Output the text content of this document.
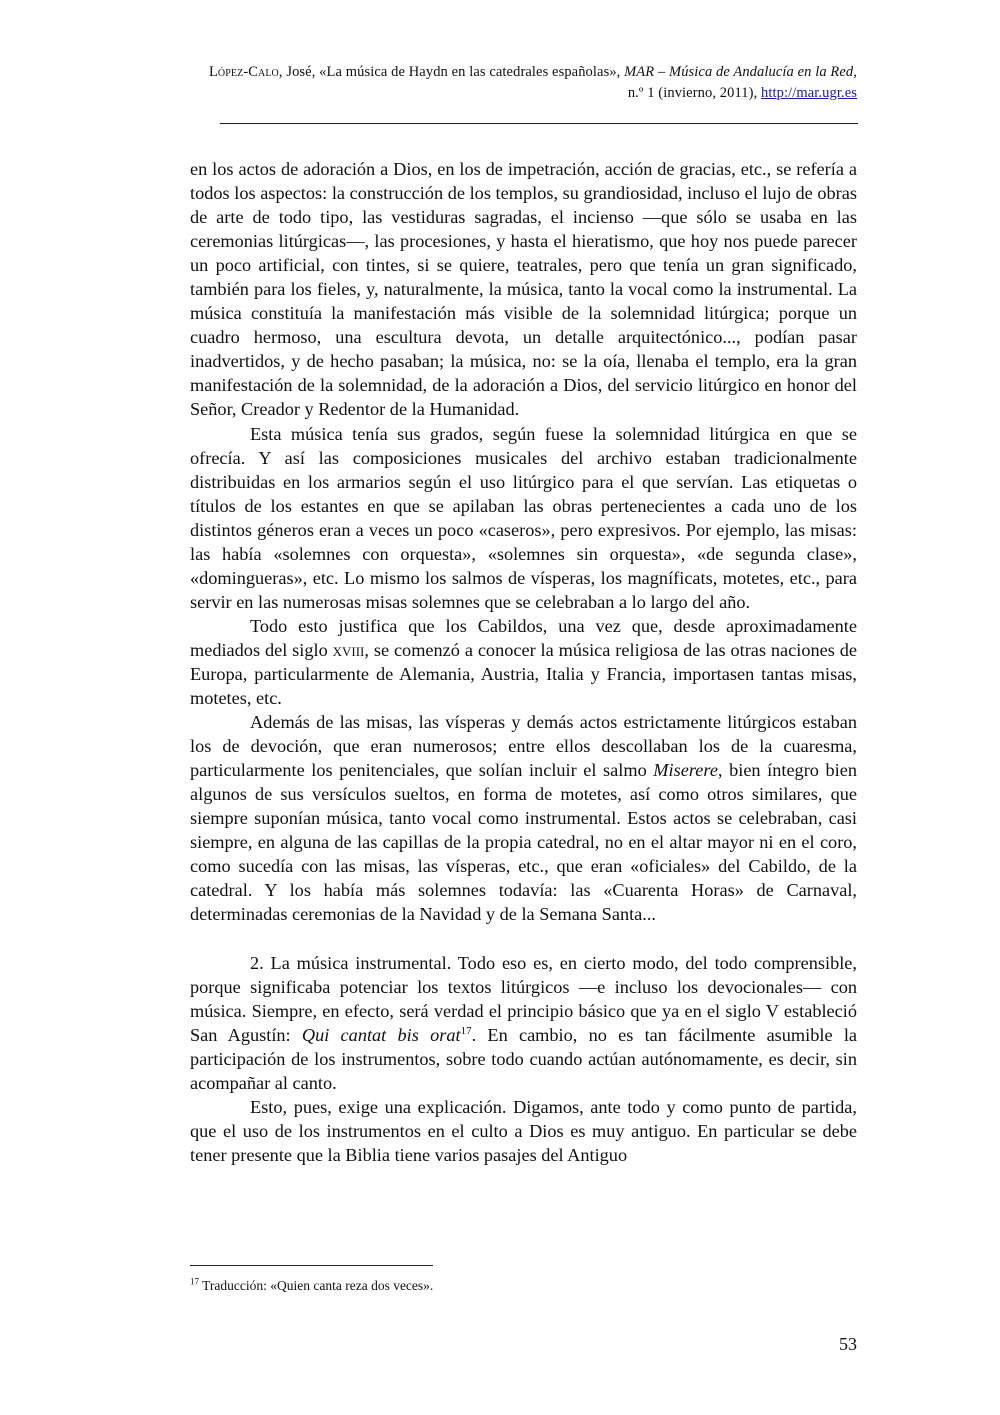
López-Calo, José, «La música de Haydn en las catedrales españolas», MAR – Música de Andalucía en la Red, n.º 1 (invierno, 2011), http://mar.ugr.es

en los actos de adoración a Dios, en los de impetración, acción de gracias, etc., se refería a todos los aspectos: la construcción de los templos, su grandiosidad, incluso el lujo de obras de arte de todo tipo, las vestiduras sagradas, el incienso —que sólo se usaba en las ceremonias litúrgicas—, las procesiones, y hasta el hieratismo, que hoy nos puede parecer un poco artificial, con tintes, si se quiere, teatrales, pero que tenía un gran significado, también para los fieles, y, naturalmente, la música, tanto la vocal como la instrumental. La música constituía la manifestación más visible de la solemnidad litúrgica; porque un cuadro hermoso, una escultura devota, un detalle arquitectónico..., podían pasar inadvertidos, y de hecho pasaban; la música, no: se la oía, llenaba el templo, era la gran manifestación de la solemnidad, de la adoración a Dios, del servicio litúrgico en honor del Señor, Creador y Redentor de la Humanidad.

Esta música tenía sus grados, según fuese la solemnidad litúrgica en que se ofrecía. Y así las composiciones musicales del archivo estaban tradicionalmente distribuidas en los armarios según el uso litúrgico para el que servían. Las etiquetas o títulos de los estantes en que se apilaban las obras pertenecientes a cada uno de los distintos géneros eran a veces un poco «caseros», pero expresivos. Por ejemplo, las misas: las había «solemnes con orquesta», «solemnes sin orquesta», «de segunda clase», «domingueras», etc. Lo mismo los salmos de vísperas, los magníficats, motetes, etc., para servir en las numerosas misas solemnes que se celebraban a lo largo del año.

Todo esto justifica que los Cabildos, una vez que, desde aproximadamente mediados del siglo xviii, se comenzó a conocer la música religiosa de las otras naciones de Europa, particularmente de Alemania, Austria, Italia y Francia, importasen tantas misas, motetes, etc.

Además de las misas, las vísperas y demás actos estrictamente litúrgicos estaban los de devoción, que eran numerosos; entre ellos descollaban los de la cuaresma, particularmente los penitenciales, que solían incluir el salmo Miserere, bien íntegro bien algunos de sus versículos sueltos, en forma de motetes, así como otros similares, que siempre suponían música, tanto vocal como instrumental. Estos actos se celebraban, casi siempre, en alguna de las capillas de la propia catedral, no en el altar mayor ni en el coro, como sucedía con las misas, las vísperas, etc., que eran «oficiales» del Cabildo, de la catedral. Y los había más solemnes todavía: las «Cuarenta Horas» de Carnaval, determinadas ceremonias de la Navidad y de la Semana Santa...

2. La música instrumental. Todo eso es, en cierto modo, del todo comprensible, porque significaba potenciar los textos litúrgicos —e incluso los devocionales— con música. Siempre, en efecto, será verdad el principio básico que ya en el siglo V estableció San Agustín: Qui cantat bis orat$^{17}$. En cambio, no es tan fácilmente asumible la participación de los instrumentos, sobre todo cuando actúan autónomamente, es decir, sin acompañar al canto.

Esto, pues, exige una explicación. Digamos, ante todo y como punto de partida, que el uso de los instrumentos en el culto a Dios es muy antiguo. En particular se debe tener presente que la Biblia tiene varios pasajes del Antiguo

$^{17}$ Traducción: «Quien canta reza dos veces».
53
